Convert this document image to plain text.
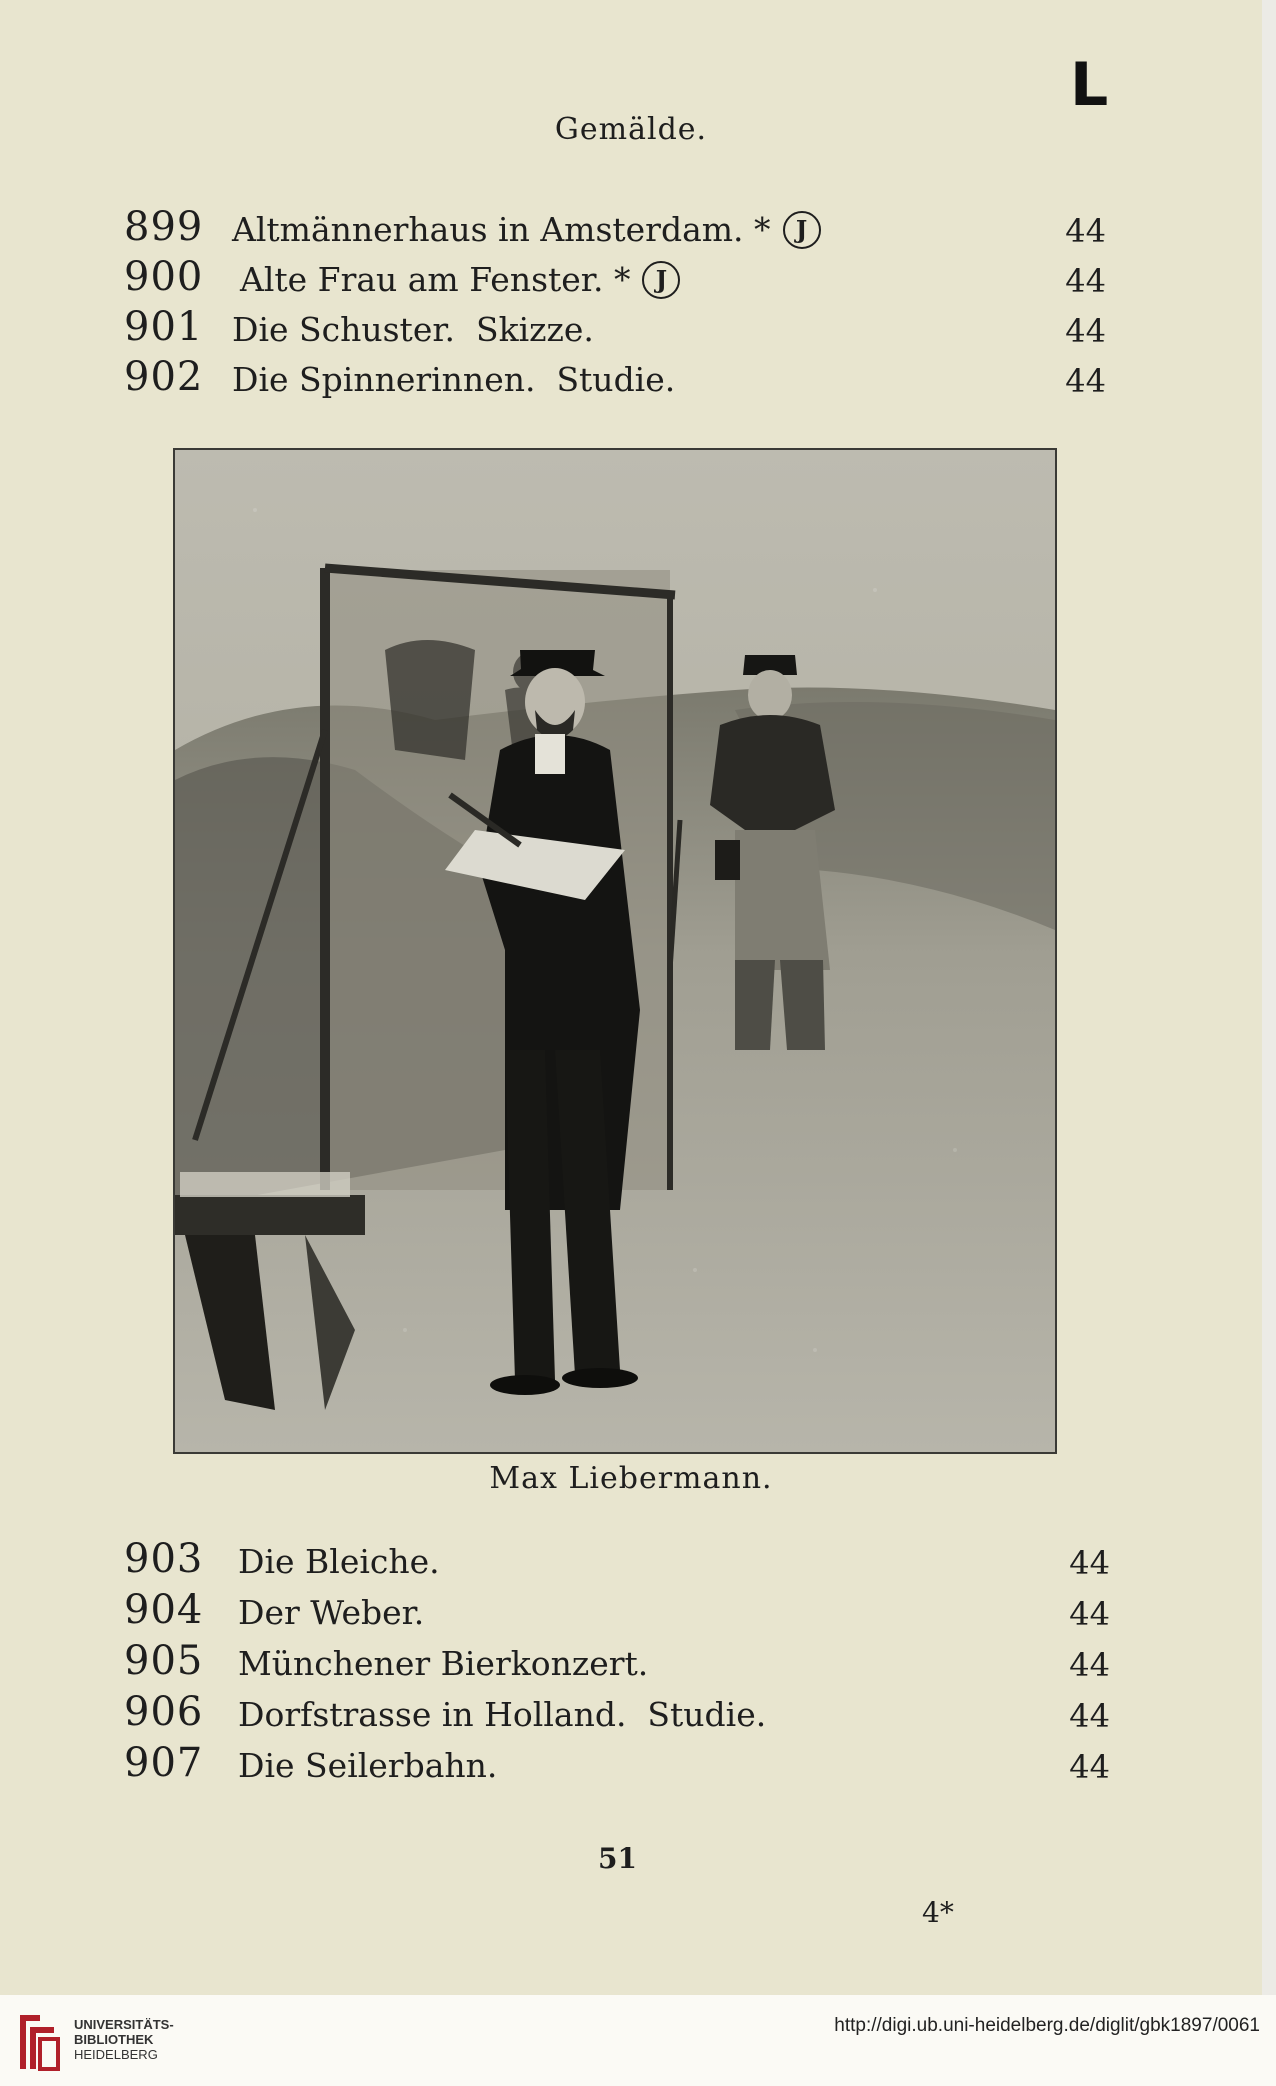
L
Gemälde.
899 Altmännerhaus in Amsterdam. * J	44
900 Alte Frau am Fenster. * J	44
901 Die Schuster.  Skizze.	44
902 Die Spinnerinnen.  Studie.	44
Max Liebermann.
903 Die Bleiche.	44
904 Der Weber.	44
905 Münchener Bierkonzert.	44
906 Dorfstrasse in Holland.  Studie.	44
907 Die Seilerbahn.	44
51
4*
UNIVERSITÄTS-
BIBLIOTHEK
HEIDELBERG
http://digi.ub.uni-heidelberg.de/diglit/gbk1897/0061
